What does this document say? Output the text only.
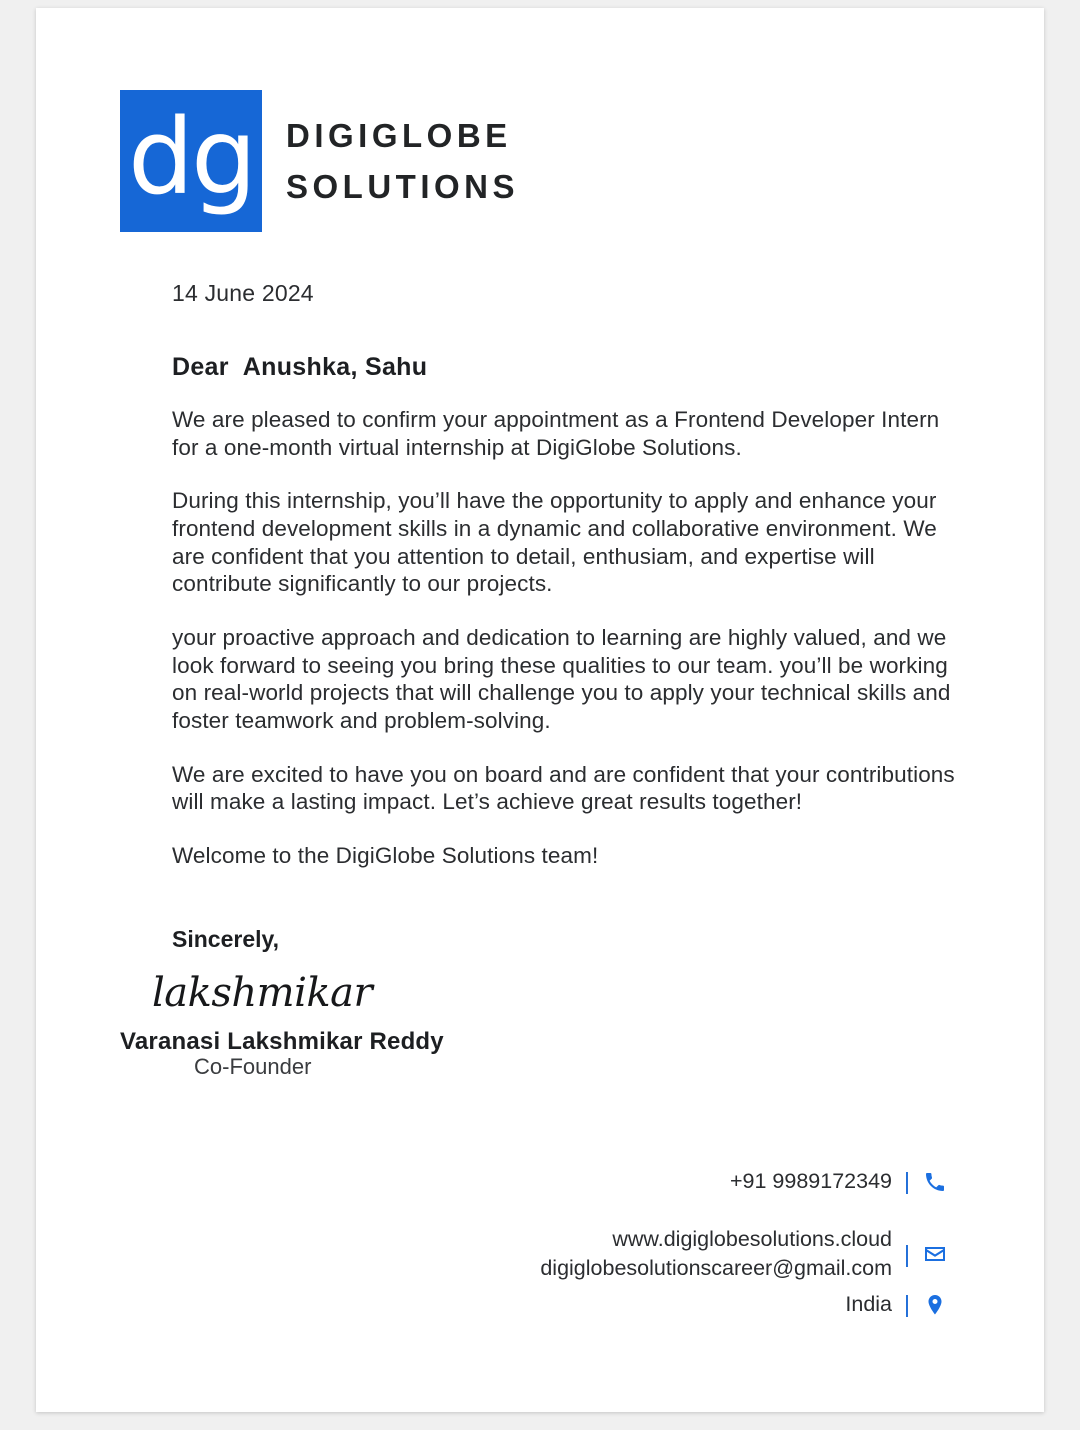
dg DIGIGLOBE
SOLUTIONS
14 June 2024
Dear Anushka, Sahu

We are pleased to confirm your appointment as a Frontend Developer Intern for a one-month virtual internship at DigiGlobe Solutions.

During this internship, you’ll have the opportunity to apply and enhance your frontend development skills in a dynamic and collaborative environment. We are confident that you attention to detail, enthusiam, and expertise will contribute significantly to our projects.

your proactive approach and dedication to learning are highly valued, and we look forward to seeing you bring these qualities to our team. you’ll be working on real-world projects that will challenge you to apply your technical skills and foster teamwork and problem-solving.

We are excited to have you on board and are confident that your contributions will make a lasting impact. Let’s achieve great results together!

Welcome to the DigiGlobe Solutions team!

Sincerely,
lakshmikar
Varanasi Lakshmikar Reddy
Co-Founder
+91 9989172349 |
www.digiglobesolutions.cloud
digiglobesolutionscareer@gmail.com
|
India |
